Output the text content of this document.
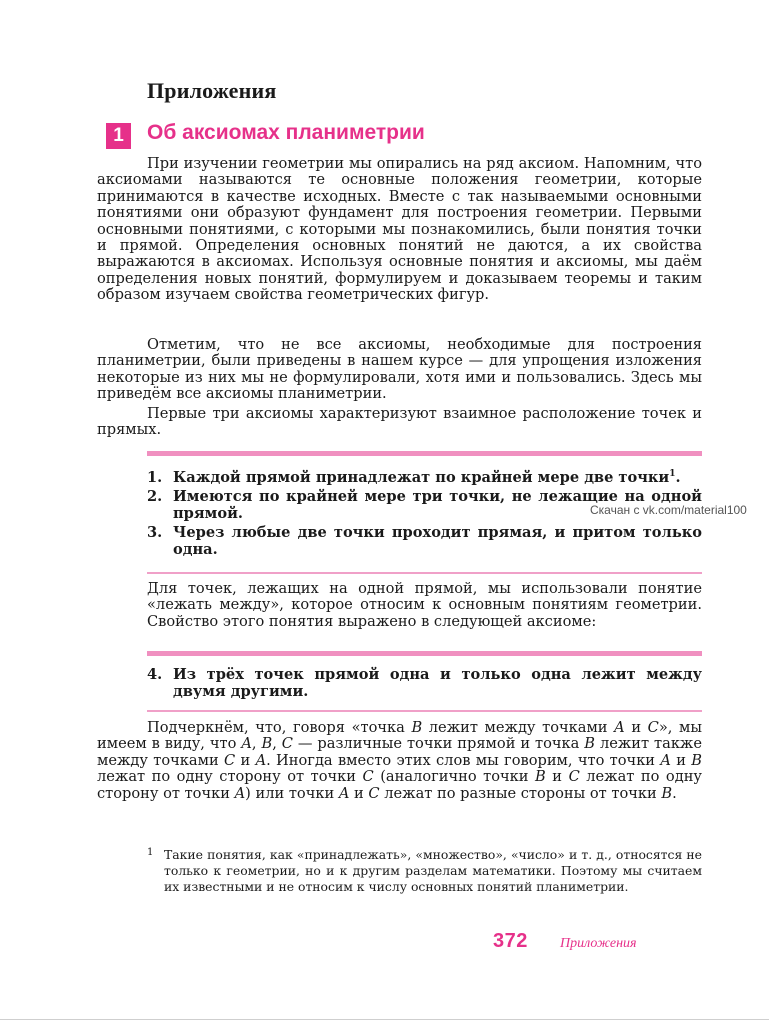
Приложения
1	Об аксиомах планиметрии

При изучении геометрии мы опирались на ряд аксиом. Напомним, что аксиомами называются те основные положения геометрии, которые принимаются в качестве исходных. Вместе с так называемыми основными понятиями они образуют фундамент для построения геометрии. Первыми основными понятиями, с которыми мы познакомились, были понятия точки и прямой. Определения основных понятий не даются, а их свойства выражаются в аксиомах. Используя основные понятия и аксиомы, мы даём определения новых понятий, формулируем и доказываем теоремы и таким образом изучаем свойства геометрических фигур.

Отметим, что не все аксиомы, необходимые для построения планиметрии, были приведены в нашем курсе — для упрощения изложения некоторые из них мы не формулировали, хотя ими и пользовались. Здесь мы приведём все аксиомы планиметрии.

Первые три аксиомы характеризуют взаимное расположение точек и прямых.

1. Каждой прямой принадлежат по крайней мере две точки$^1$.
2. Имеются по крайней мере три точки, не лежащие на одной прямой.
3. Через любые две точки проходит прямая, и притом только одна.
Скачан с vk.com/material100

Для точек, лежащих на одной прямой, мы использовали понятие «лежать между», которое относим к основным понятиям геометрии. Свойство этого понятия выражено в следующей аксиоме:

4. Из трёх точек прямой одна и только одна лежит между двумя другими.

Подчеркнём, что, говоря «точка B лежит между точками A и C», мы имеем в виду, что A, B, C — различные точки прямой и точка B лежит также между точками C и A. Иногда вместо этих слов мы говорим, что точки A и B лежат по одну сторону от точки C (аналогично точки B и C лежат по одну сторону от точки A) или точки A и C лежат по разные стороны от точки B.

1 Такие понятия, как «принадлежать», «множество», «число» и т. д., относятся не только к геометрии, но и к другим разделам математики. Поэтому мы считаем их известными и не относим к числу основных понятий планиметрии.

372 Приложения
